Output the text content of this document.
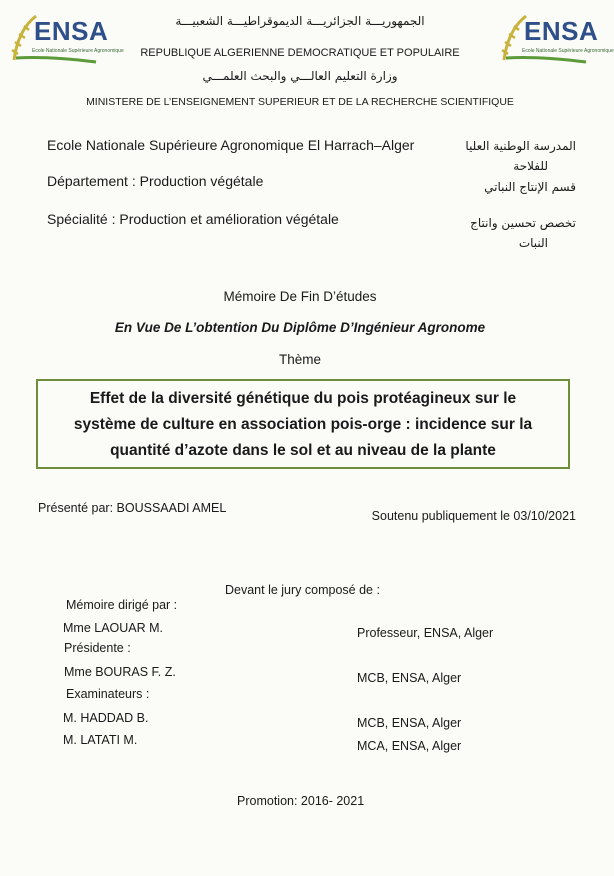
ENSA
Ecole Nationale Supérieure Agronomique
ENSA
Ecole Nationale Supérieure Agronomique
الجمهوريـــة الجزائريـــة الديموقراطيـــة الشعبيـــة
REPUBLIQUE ALGERIENNE DEMOCRATIQUE ET POPULAIRE
وزارة التعليم العالـــي والبحث العلمـــي
MINISTERE DE L’ENSEIGNEMENT SUPERIEUR ET DE LA RECHERCHE SCIENTIFIQUE
Ecole Nationale Supérieure Agronomique El Harrach–Alger	المدرسة الوطنية العليا
للفلاحة
Département : Production végétale	قسم الإنتاج النباتي
Spécialité : Production et amélioration végétale	تخصص تحسين وانتاج
النبات
Mémoire De Fin D’études
En Vue De L’obtention Du Diplôme D’Ingénieur Agronome
Thème
Effet de la diversité génétique du pois protéagineux sur le
système de culture en association pois-orge : incidence sur la
quantité d’azote dans le sol et au niveau de la plante
Présenté par: BOUSSAADI AMEL
Soutenu publiquement le 03/10/2021
Devant le jury composé de :
Mémoire dirigé par :
Mme LAOUAR M.	Professeur, ENSA, Alger
Présidente :
Mme BOURAS F. Z.	MCB, ENSA, Alger
Examinateurs :
M. HADDAD B.	MCB, ENSA, Alger
M. LATATI M.	MCA, ENSA, Alger
Promotion: 2016- 2021
